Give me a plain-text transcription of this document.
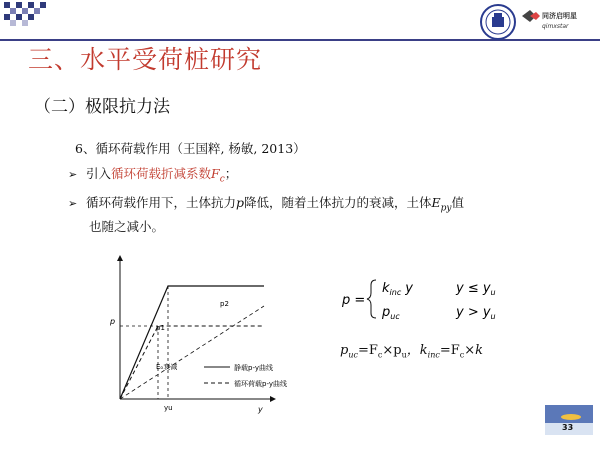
同济启明星
qimxstar
三、水平受荷桩研究
（二）极限抗力法
6、循环荷载作用（王国粹, 杨敏, 2013）
➢ 引入循环荷载折减系数$F_c$；
➢ 循环荷载作用下，土体抗力p降低，随着土体抗力的衰减，土体$E_{py}$值
也随之减小。
p
y
yu
p1
p2
Eₒ衰减	静载p-y曲线
循环荷载p-y曲线
p =
$k_{inc}$ y	$y \le y_u$
$p_{uc}$	$y > y_u$
$p_{uc}=F_c\times p_u$，$k_{inc}=F_c\times k$
33
